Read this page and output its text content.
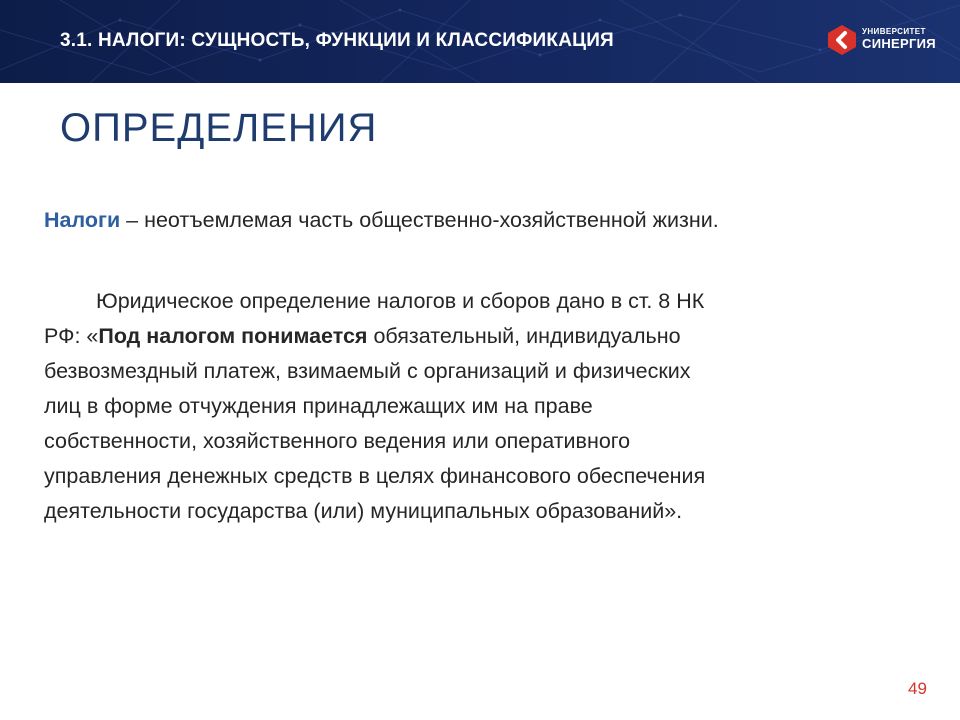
3.1. НАЛОГИ: СУЩНОСТЬ, ФУНКЦИИ И КЛАССИФИКАЦИЯ	УНИВЕРСИТЕТ
СИНЕРГИЯ
ОПРЕДЕЛЕНИЯ
Налоги – неотъемлемая часть общественно-хозяйственной жизни.
Юридическое определение налогов и сборов дано в ст. 8 НК
РФ: «Под налогом понимается обязательный, индивидуально
безвозмездный платеж, взимаемый с организаций и физических
лиц в форме отчуждения принадлежащих им на праве
собственности, хозяйственного ведения или оперативного
управления денежных средств в целях финансового обеспечения
деятельности государства (или) муниципальных образований».
49
